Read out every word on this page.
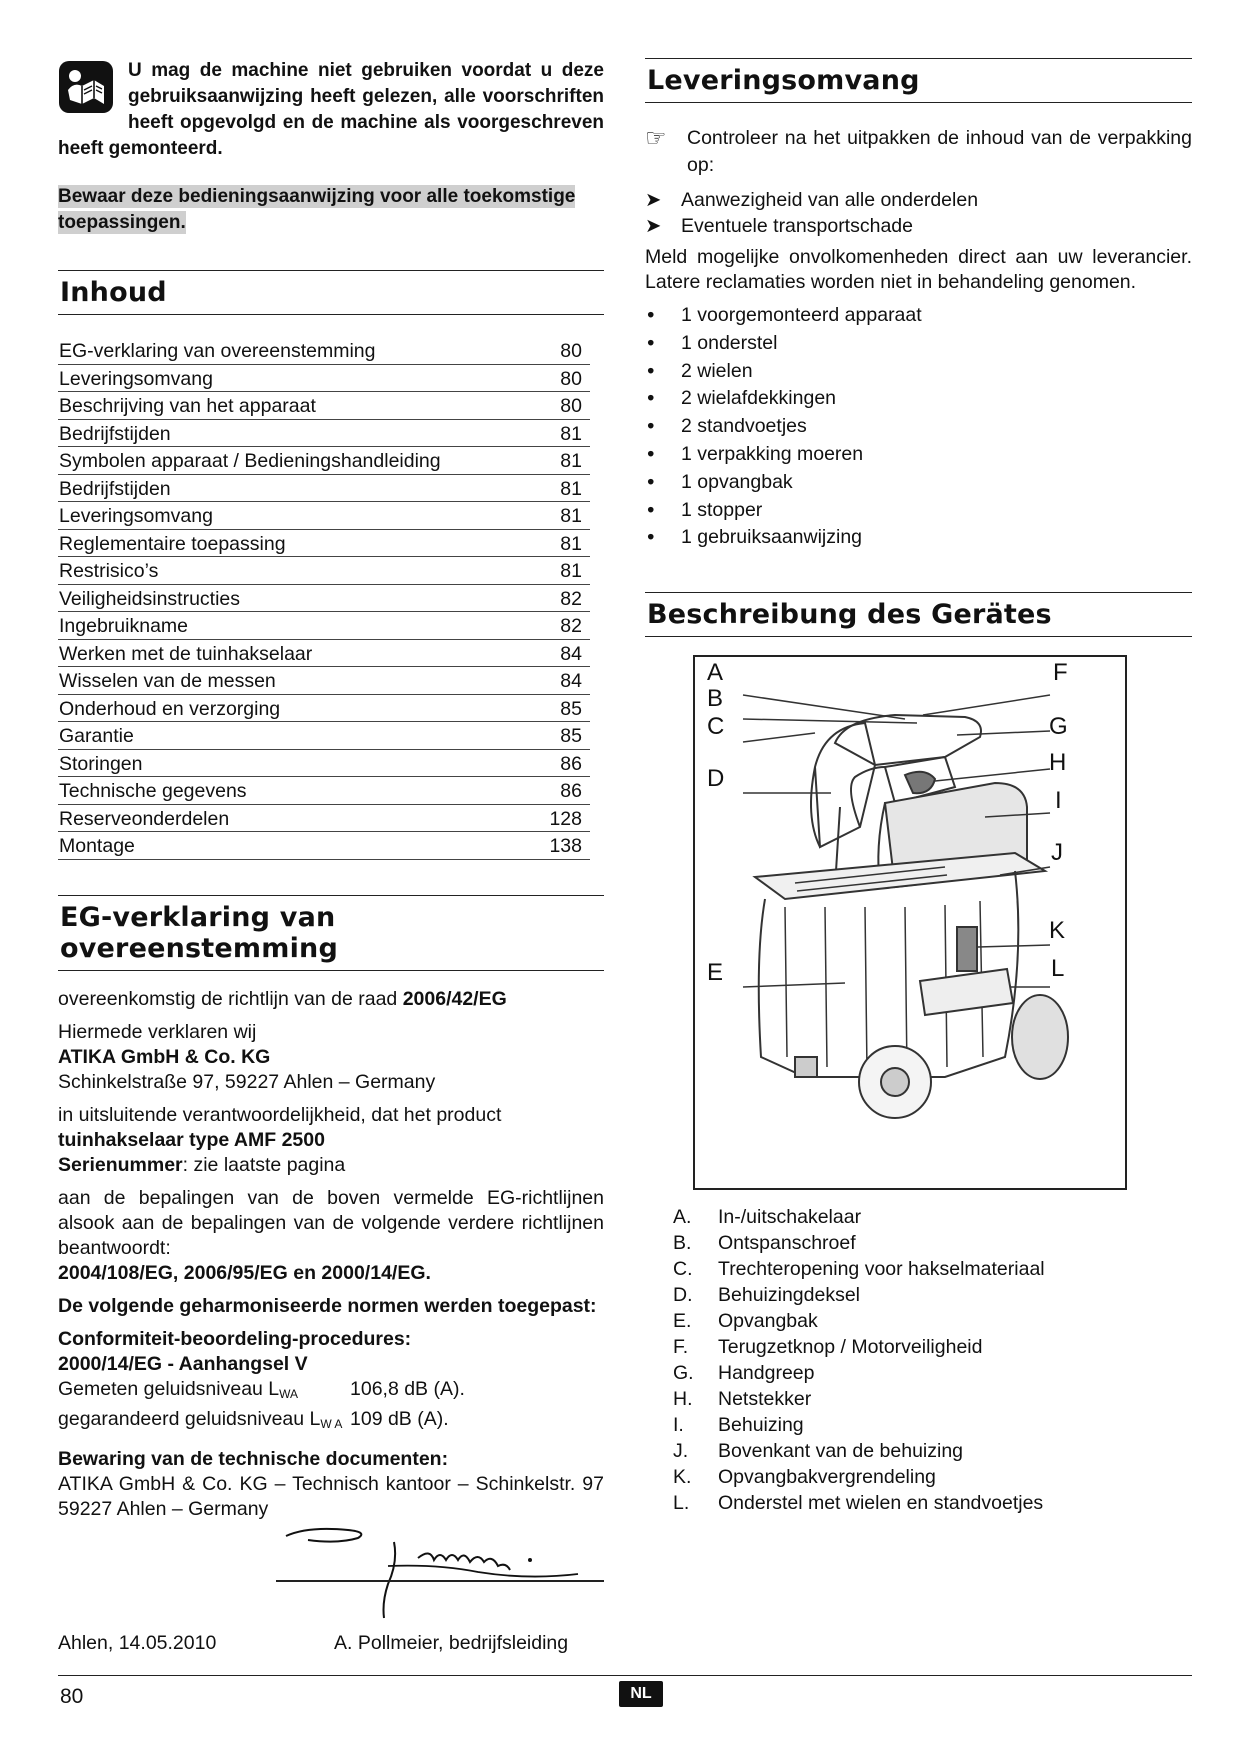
U mag de machine niet gebruiken voordat u deze gebruiksaanwijzing heeft gelezen, alle voorschriften heeft opgevolgd en de machine als voorgeschreven heeft gemonteerd.

Bewaar deze bedieningsaanwijzing voor alle toekomstige toepassingen.
Inhoud
EG-verklaring van overeenstemming	80
Leveringsomvang	80
Beschrijving van het apparaat	80
Bedrijfstijden	81
Symbolen apparaat / Bedieningshandleiding	81
Bedrijfstijden	81
Leveringsomvang	81
Reglementaire toepassing	81
Restrisico’s	81
Veiligheidsinstructies	82
Ingebruikname	82
Werken met de tuinhakselaar	84
Wisselen van de messen	84
Onderhoud en verzorging	85
Garantie	85
Storingen	86
Technische gegevens	86
Reserveonderdelen	128
Montage	138
EG-verklaring van overeenstemming

overeenkomstig de richtlijn van de raad 2006/42/EG

Hiermede verklaren wij

ATIKA GmbH & Co. KG
Schinkelstraße 97, 59227 Ahlen – Germany

in uitsluitende verantwoordelijkheid, dat het product

tuinhakselaar type AMF 2500
Serienummer: zie laatste pagina

aan de bepalingen van de boven vermelde EG-richtlijnen alsook aan de bepalingen van de volgende verdere richtlijnen beantwoordt:

2004/108/EG, 2006/95/EG en 2000/14/EG.

De volgende geharmoniseerde normen werden toegepast:

Conformiteit-beoordeling-procedures:

2000/14/EG - Aanhangsel V
Gemeten geluidsniveau $L_{WA}$	106,8 dB (A).
gegarandeerd geluidsniveau $L_{W A}$ 109 dB (A).

Bewaring van de technische documenten:

ATIKA GmbH & Co. KG – Technisch kantoor – Schinkelstr. 97 59227 Ahlen – Germany
Ahlen, 14.05.2010	A. Pollmeier, bedrijfsleiding
Leveringsomvang
☞	Controleer na het uitpakken de inhoud van de verpakking op:
➤	Aanwezigheid van alle onderdelen
➤	Eventuele transportschade
Meld mogelijke onvolkomenheden direct aan uw leverancier. Latere reclamaties worden niet in behandeling genomen.
•	1 voorgemonteerd apparaat
•	1 onderstel
•	2 wielen
•	2 wielafdekkingen
•	2 standvoetjes
•	1 verpakking moeren
•	1 opvangbak
•	1 stopper
•	1 gebruiksaanwijzing
Beschreibung des Gerätes
A
B
C
D
E
F
G
H
I
J
K
L
A.	In-/uitschakelaar
B.	Ontspanschroef
C.	Trechteropening voor hakselmateriaal
D.	Behuizingdeksel
E.	Opvangbak
F.	Terugzetknop / Motorveiligheid
G.	Handgreep
H.	Netstekker
I.	Behuizing
J.	Bovenkant van de behuizing
K.	Opvangbakvergrendeling
L.	Onderstel met wielen en standvoetjes
80	NL
